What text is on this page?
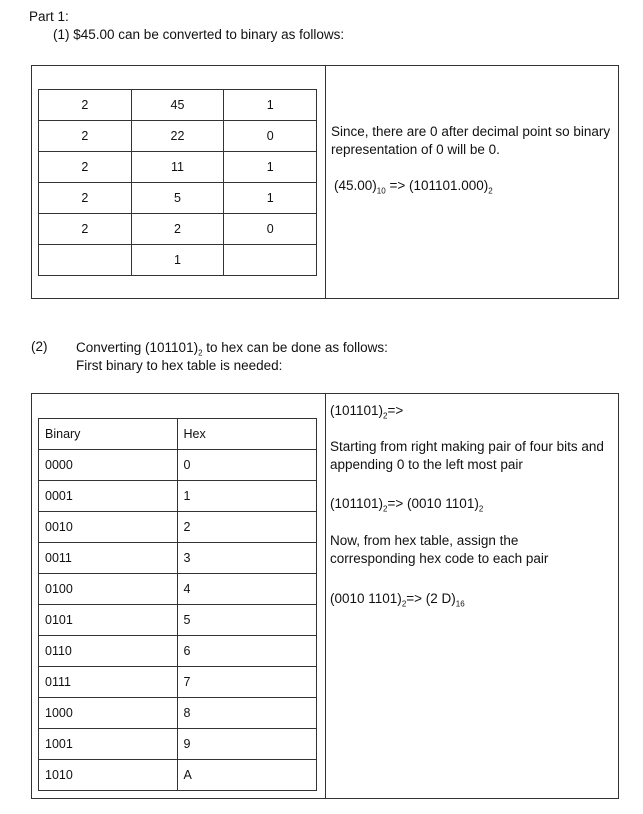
Part 1:
(1) $45.00 can be converted to binary as follows:
2	45	1
2	22	0
2	11	1
2	5	1
2	2	0
	1	
Since, there are 0 after decimal point so binary representation of 0 will be 0.
$(45.00)_{10} => (101101.000)_2$
(2) Converting $(101101)_2$ to hex can be done as follows:
First binary to hex table is needed:
Binary	Hex
0000	0
0001	1
0010	2
0011	3
0100	4
0101	5
0110	6
0111	7
1000	8
1001	9
1010	A
$(101101)_2=>$
Starting from right making pair of four bits and appending 0 to the left most pair
$(101101)_2=> (0010$ $1101)_2$
Now, from hex table, assign the corresponding hex code to each pair
(0010 $1101)_2=> (2$ $D)_{16}$
